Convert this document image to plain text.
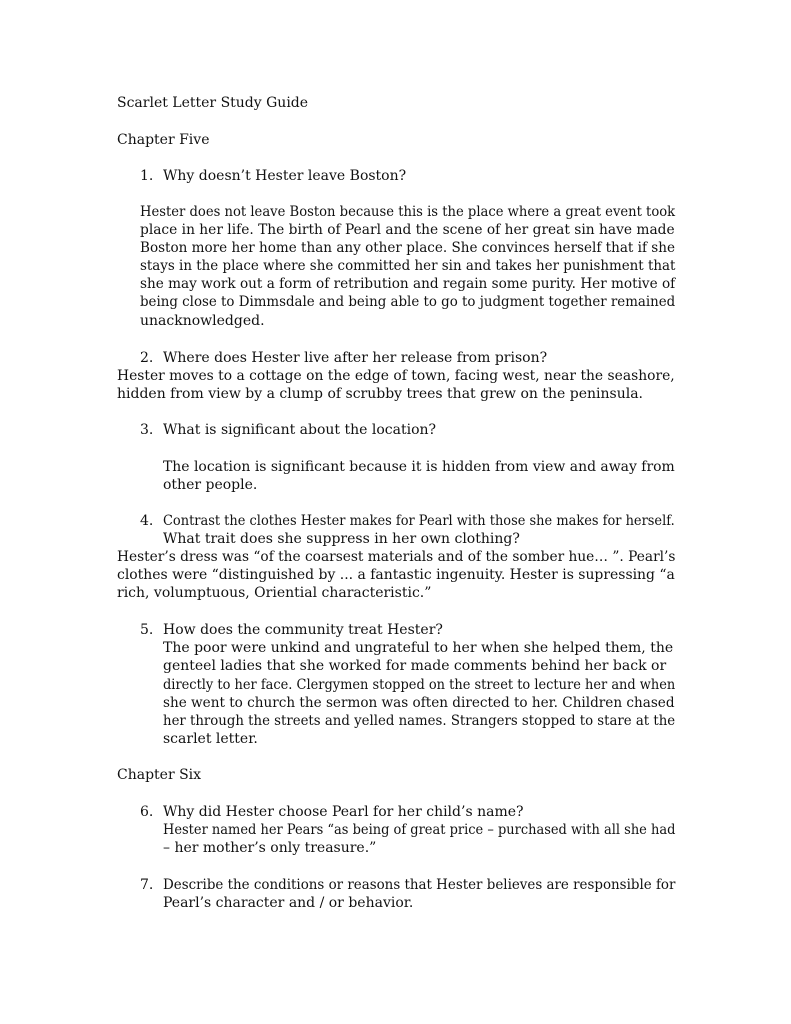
Scarlet Letter Study Guide
Chapter Five
1. Why doesn’t Hester leave Boston?
Hester does not leave Boston because this is the place where a great event took
place in her life. The birth of Pearl and the scene of her great sin have made
Boston more her home than any other place. She convinces herself that if she
stays in the place where she committed her sin and takes her punishment that
she may work out a form of retribution and regain some purity. Her motive of
being close to Dimmsdale and being able to go to judgment together remained
unacknowledged.
2. Where does Hester live after her release from prison?
Hester moves to a cottage on the edge of town, facing west, near the seashore,
hidden from view by a clump of scrubby trees that grew on the peninsula.
3. What is significant about the location?
The location is significant because it is hidden from view and away from
other people.
4. Contrast the clothes Hester makes for Pearl with those she makes for herself.
What trait does she suppress in her own clothing?
Hester’s dress was “of the coarsest materials and of the somber hue… ”. Pearl’s
clothes were “distinguished by ... a fantastic ingenuity. Hester is supressing “a
rich, volumptuous, Oriential characteristic.”
5. How does the community treat Hester?
The poor were unkind and ungrateful to her when she helped them, the
genteel ladies that she worked for made comments behind her back or
directly to her face. Clergymen stopped on the street to lecture her and when
she went to church the sermon was often directed to her. Children chased
her through the streets and yelled names. Strangers stopped to stare at the
scarlet letter.
Chapter Six
6. Why did Hester choose Pearl for her child’s name?
Hester named her Pears “as being of great price – purchased with all she had
– her mother’s only treasure.”
7. Describe the conditions or reasons that Hester believes are responsible for
Pearl’s character and / or behavior.
